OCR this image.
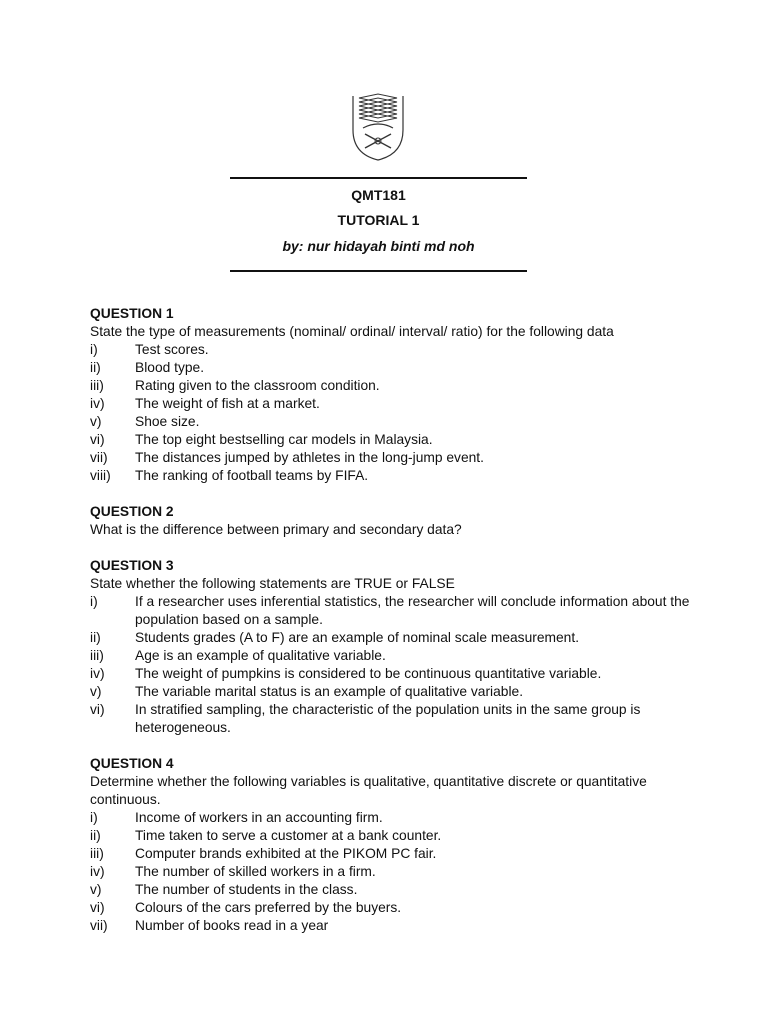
QMT181
TUTORIAL 1
by: nur hidayah binti md noh

QUESTION 1

State the type of measurements (nominal/ ordinal/ interval/ ratio) for the following data

i)	Test scores.
ii)	Blood type.
iii)	Rating given to the classroom condition.
iv)	The weight of fish at a market.
v)	Shoe size.
vi)	The top eight bestselling car models in Malaysia.
vii)	The distances jumped by athletes in the long-jump event.
viii)	The ranking of football teams by FIFA.

QUESTION 2

What is the difference between primary and secondary data?

QUESTION 3

State whether the following statements are TRUE or FALSE

i)	If a researcher uses inferential statistics, the researcher will conclude information about the population based on a sample.
ii)	Students grades (A to F) are an example of nominal scale measurement.
iii)	Age is an example of qualitative variable.
iv)	The weight of pumpkins is considered to be continuous quantitative variable.
v)	The variable marital status is an example of qualitative variable.
vi)	In stratified sampling, the characteristic of the population units in the same group is heterogeneous.

QUESTION 4

Determine whether the following variables is qualitative, quantitative discrete or quantitative continuous.

i)	Income of workers in an accounting firm.
ii)	Time taken to serve a customer at a bank counter.
iii)	Computer brands exhibited at the PIKOM PC fair.
iv)	The number of skilled workers in a firm.
v)	The number of students in the class.
vi)	Colours of the cars preferred by the buyers.
vii)	Number of books read in a year
